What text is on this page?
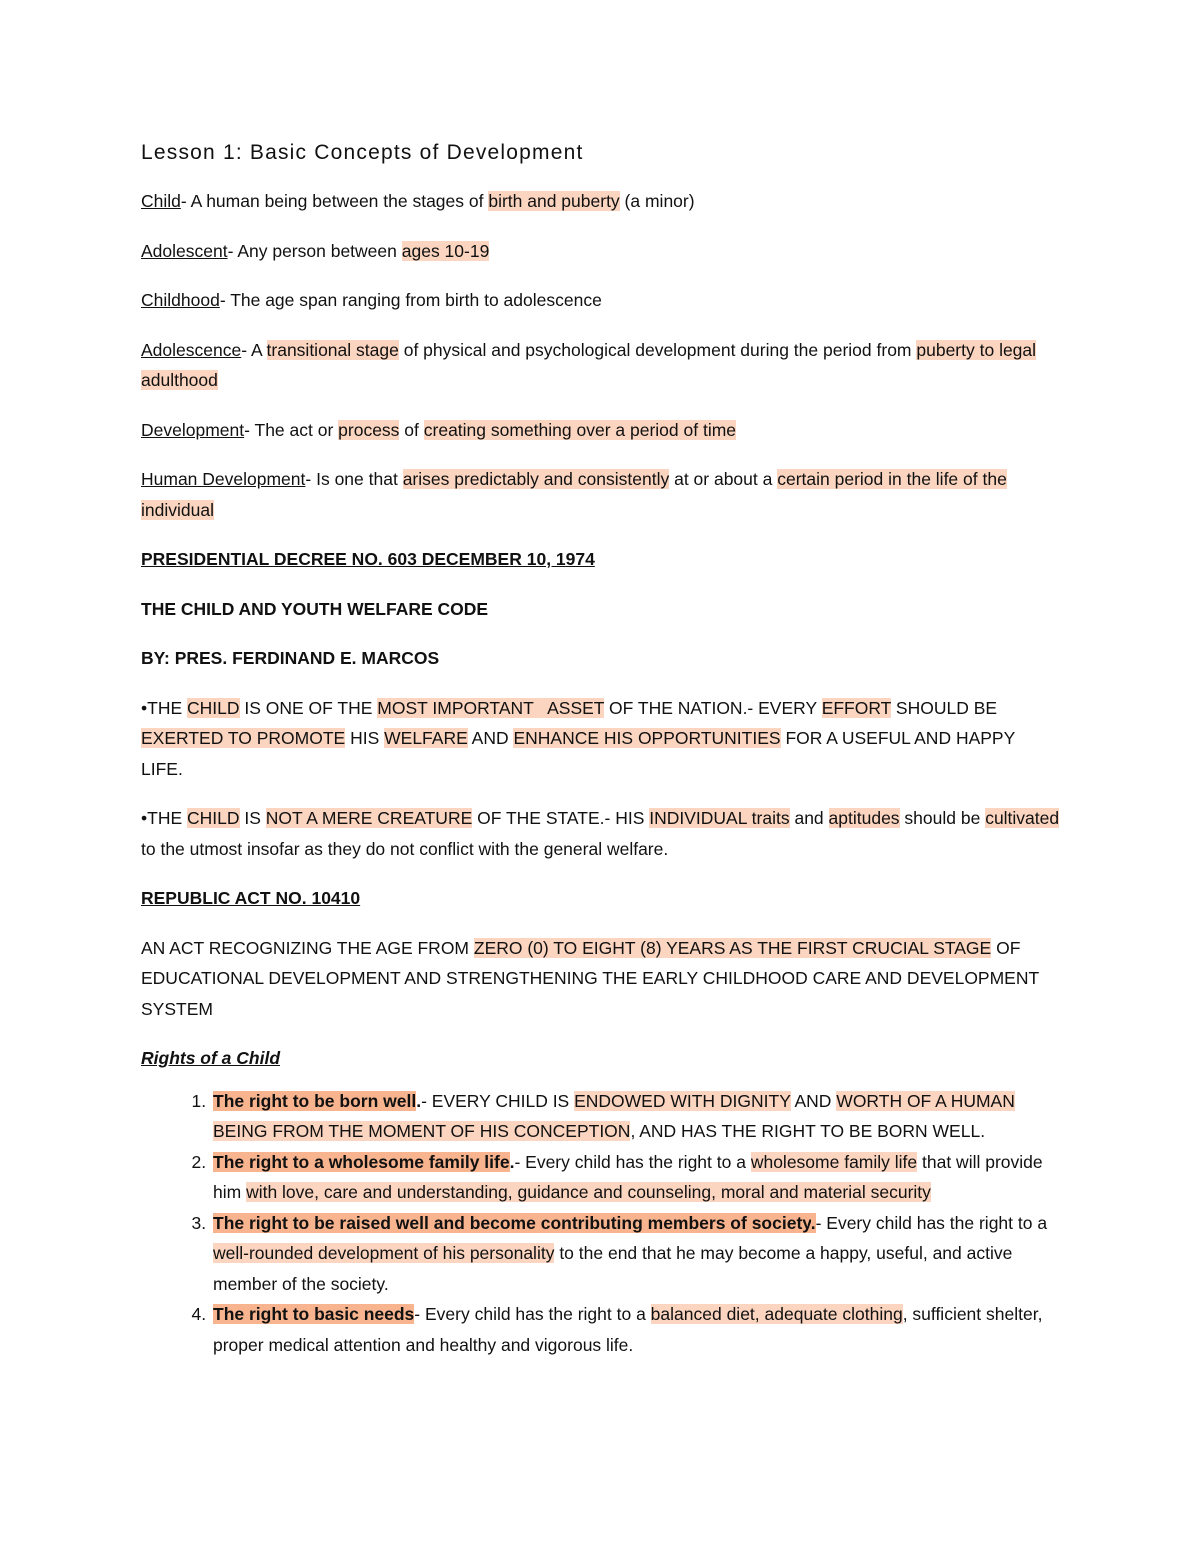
Lesson 1: Basic Concepts of Development

Child- A human being between the stages of birth and puberty (a minor)

Adolescent- Any person between ages 10-19

Childhood- The age span ranging from birth to adolescence

Adolescence- A transitional stage of physical and psychological development during the period from puberty to legal adulthood

Development- The act or process of creating something over a period of time

Human Development- Is one that arises predictably and consistently at or about a certain period in the life of the individual

PRESIDENTIAL DECREE NO. 603 DECEMBER 10, 1974

THE CHILD AND YOUTH WELFARE CODE

BY: PRES. FERDINAND E. MARCOS

•THE CHILD IS ONE OF THE MOST IMPORTANT   ASSET OF THE NATION.- EVERY EFFORT SHOULD BE EXERTED TO PROMOTE HIS WELFARE AND ENHANCE HIS OPPORTUNITIES FOR A USEFUL AND HAPPY LIFE.

•THE CHILD IS NOT A MERE CREATURE OF THE STATE.- HIS INDIVIDUAL traits and aptitudes should be cultivated to the utmost insofar as they do not conflict with the general welfare.

REPUBLIC ACT NO. 10410

AN ACT RECOGNIZING THE AGE FROM ZERO (0) TO EIGHT (8) YEARS AS THE FIRST CRUCIAL STAGE OF EDUCATIONAL DEVELOPMENT AND STRENGTHENING THE EARLY CHILDHOOD CARE AND DEVELOPMENT SYSTEM

Rights of a Child

1. The right to be born well.- EVERY CHILD IS ENDOWED WITH DIGNITY AND WORTH OF A HUMAN BEING FROM THE MOMENT OF HIS CONCEPTION, AND HAS THE RIGHT TO BE BORN WELL.
2. The right to a wholesome family life.- Every child has the right to a wholesome family life that will provide him with love, care and understanding, guidance and counseling, moral and material security
3. The right to be raised well and become contributing members of society.- Every child has the right to a well-rounded development of his personality to the end that he may become a happy, useful, and active member of the society.
4. The right to basic needs- Every child has the right to a balanced diet, adequate clothing, sufficient shelter, proper medical attention and healthy and vigorous life.
